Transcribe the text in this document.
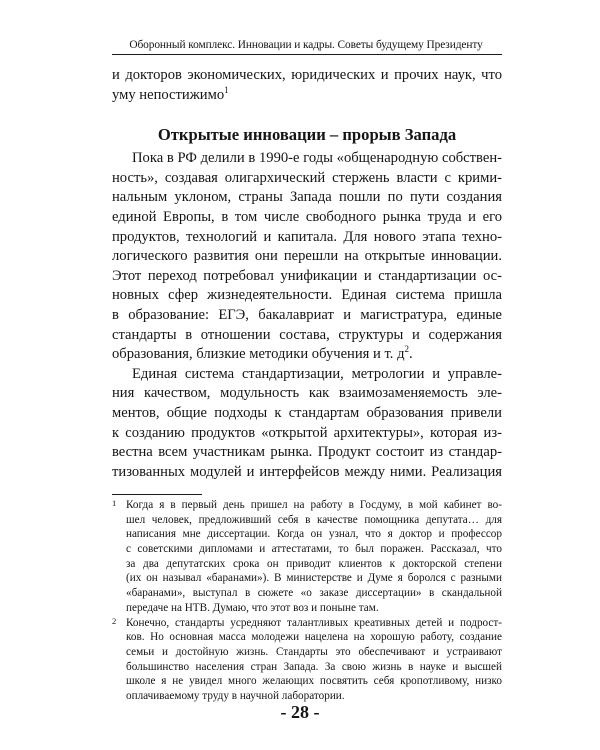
Оборонный комплекс. Инновации и кадры. Советы будущему Президенту
и докторов экономических, юридических и прочих наук, что
уму непостижимо$^1$
Открытые инновации – прорыв Запада
Пока в РФ делили в 1990-е годы «общенародную собствен-
ность», создавая олигархический стержень власти с крими-
нальным уклоном, страны Запада пошли по пути создания
единой Европы, в том числе свободного рынка труда и его
продуктов, технологий и капитала. Для нового этапа техно-
логического развития они перешли на открытые инновации.
Этот переход потребовал унификации и стандартизации ос-
новных сфер жизнедеятельности. Единая система пришла
в образование: ЕГЭ, бакалавриат и магистратура, единые
стандарты в отношении состава, структуры и содержания
образования, близкие методики обучения и т. $д^2$.
Единая система стандартизации, метрологии и управле-
ния качеством, модульность как взаимозаменяемость эле-
ментов, общие подходы к стандартам образования привели
к созданию продуктов «открытой архитектуры», которая из-
вестна всем участникам рынка. Продукт состоит из стандар-
тизованных модулей и интерфейсов между ними. Реализация
1 Когда я в первый день пришел на работу в Госдуму, в мой кабинет во-
шел человек, предложивший себя в качестве помощника депутата… для
написания мне диссертации. Когда он узнал, что я доктор и профессор
с советскими дипломами и аттестатами, то был поражен. Рассказал, что
за два депутатских срока он приводит клиентов к докторской степени
(их он называл «баранами»). В министерстве и Думе я боролся с разными
«баранами», выступал в сюжете «о заказе диссертации» в скандальной
передаче на НТВ. Думаю, что этот воз и поныне там.
2 Конечно, стандарты усредняют талантливых креативных детей и подрост-
ков. Но основная масса молодежи нацелена на хорошую работу, создание
семьи и достойную жизнь. Стандарты это обеспечивают и устраивают
большинство населения стран Запада. За свою жизнь в науке и высшей
школе я не увидел много желающих посвятить себя кропотливому, низко
оплачиваемому труду в научной лаборатории.
- 28 -
